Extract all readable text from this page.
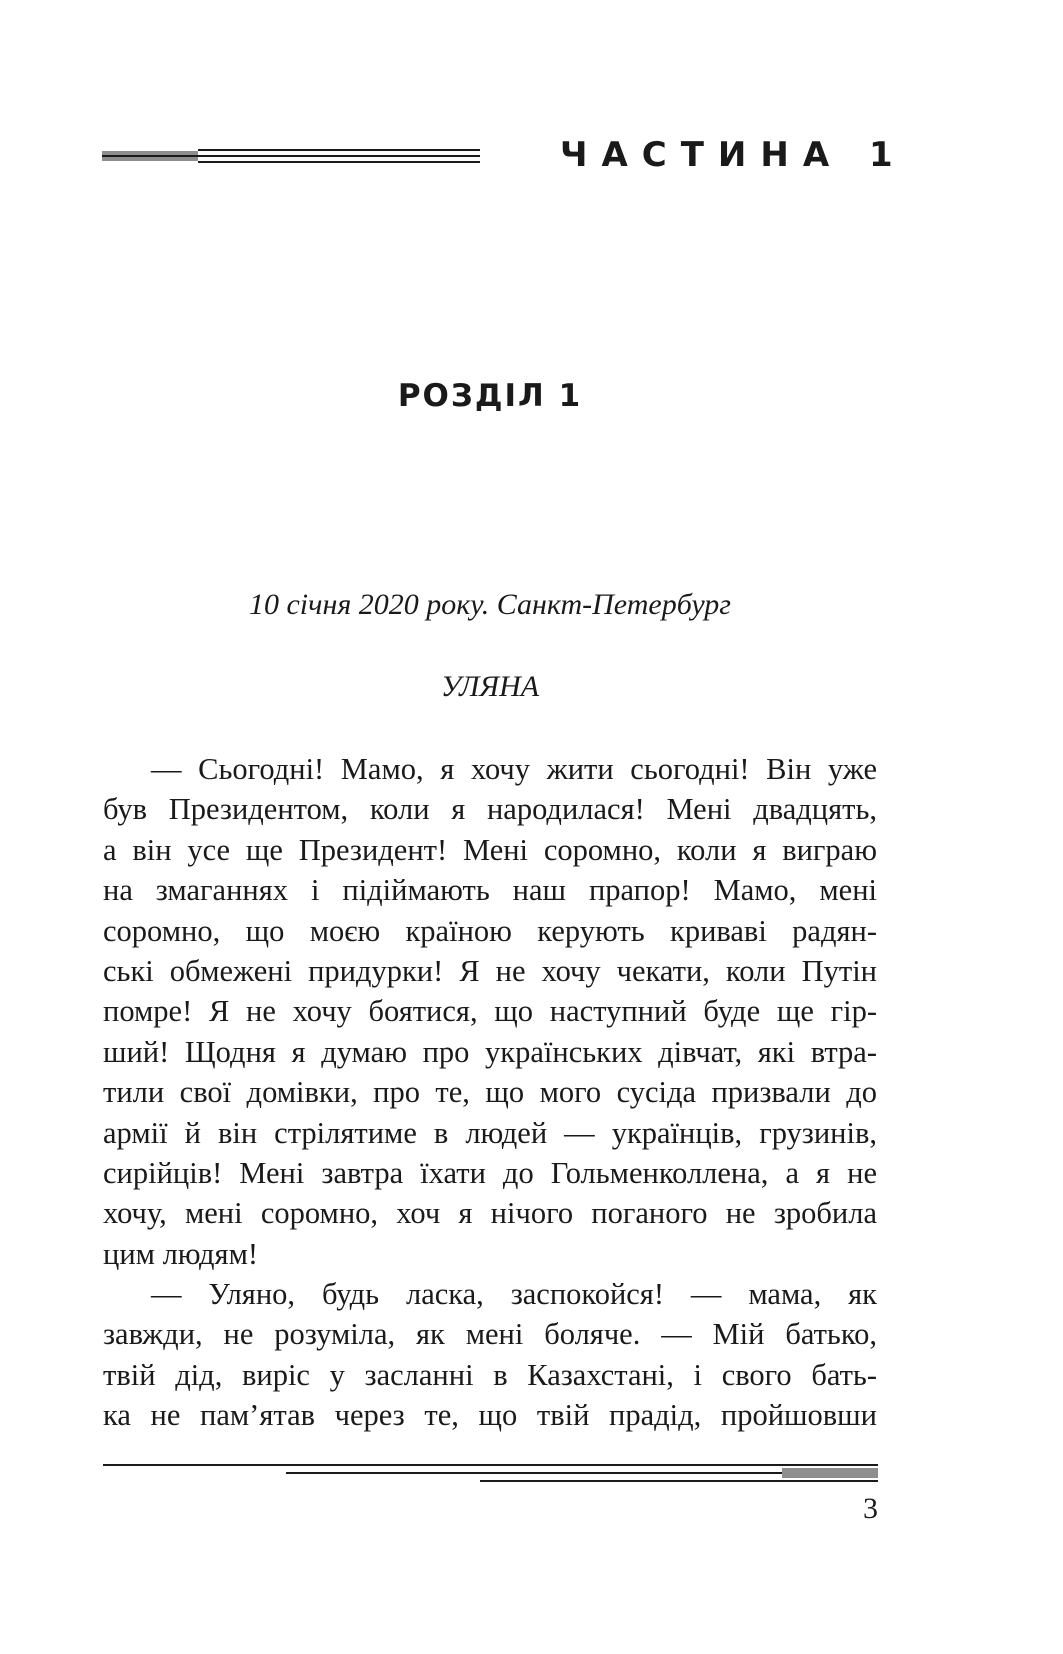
ЧАСТИНА 1
РОЗДІЛ 1
10 січня 2020 року. Санкт-Петербург
УЛЯНА
— Сьогодні! Мамо, я хочу жити сьогодні! Він уже
був Президентом, коли я народилася! Мені двадцять,
а він усе ще Президент! Мені соромно, коли я виграю
на змаганнях і підіймають наш прапор! Мамо, мені
соромно, що моєю країною керують криваві радян-
ські обмежені придурки! Я не хочу чекати, коли Путін
помре! Я не хочу боятися, що наступний буде ще гір-
ший! Щодня я думаю про українських дівчат, які втра-
тили свої домівки, про те, що мого сусіда призвали до
армії й він стрілятиме в людей — українців, грузинів,
сирійців! Мені завтра їхати до Гольменколлена, а я не
хочу, мені соромно, хоч я нічого поганого не зробила
цим людям!
— Уляно, будь ласка, заспокойся! — мама, як
завжди, не розуміла, як мені боляче. — Мій батько,
твій дід, виріс у засланні в Казахстані, і свого бать-
ка не пам’ятав через те, що твій прадід, пройшовши
3
